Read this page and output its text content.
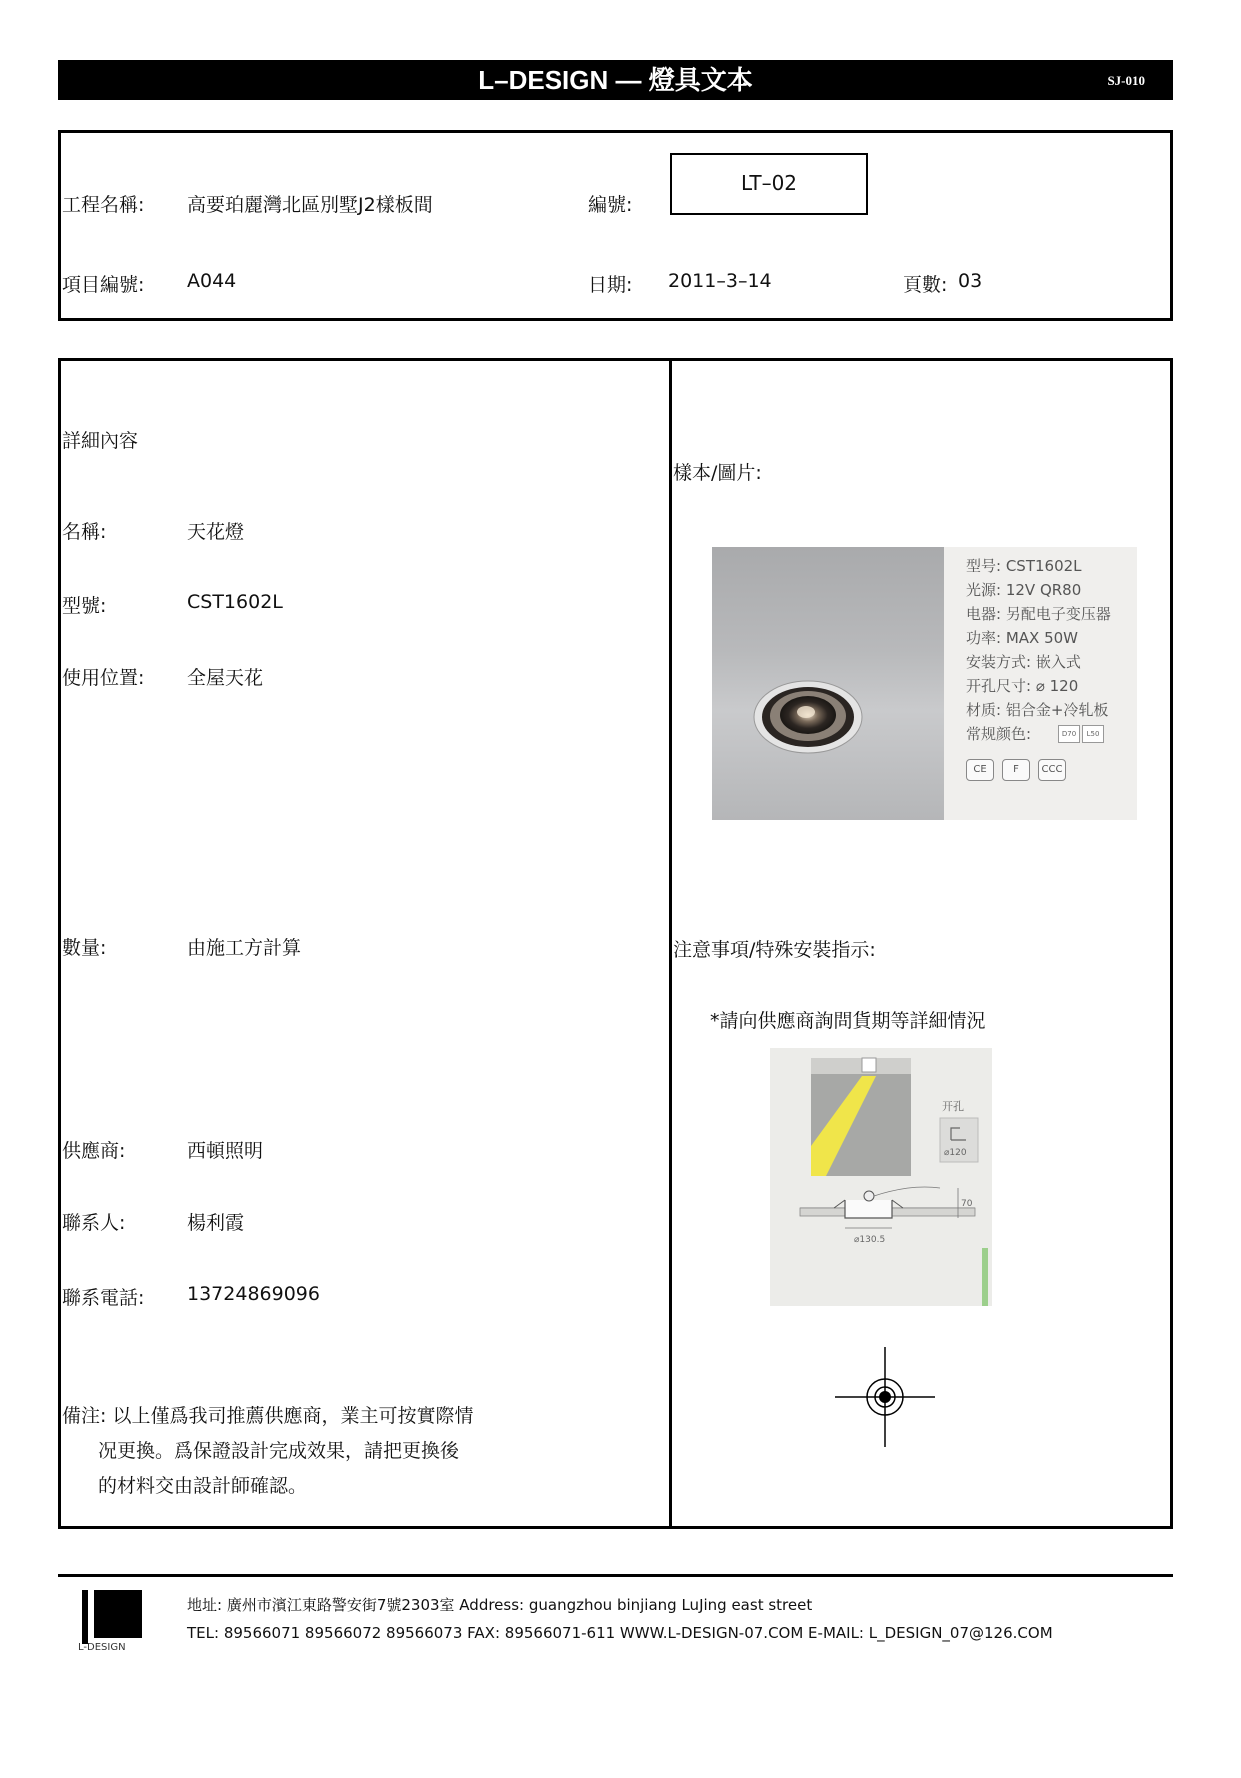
L–DESIGN — 燈具文本	SJ-010
工程名稱: 高要珀麗灣北區別墅J2樣板間	編號:
LT–02
項目編號: A044	日期: 2011–3–14	頁數: 03
詳細內容
名稱:	天花燈
型號:	CST1602L
使用位置: 全屋天花
數量:	由施工方計算
供應商:	西頓照明
聯系人:	楊利霞
聯系電話: 13724869096
備注: 以上僅爲我司推薦供應商，業主可按實際情
况更換。爲保證設計完成效果，請把更換後
的材料交由設計師確認。
樣本/圖片:
型号: CST1602L
光源: 12V QR80
电器: 另配电子变压器
功率: MAX 50W
安装方式: 嵌入式
开孔尺寸: ⌀ 120
材质: 铝合金+冷轧板
常规颜色:	D70	L50
CE	F	CCC
注意事項/特殊安裝指示:
*請向供應商詢問貨期等詳細情況
开孔
⌀120
70
⌀130.5
L-DESIGN
地址: 廣州市濱江東路警安街7號2303室 Address: guangzhou binjiang LuJing east street
TEL: 89566071 89566072 89566073 FAX: 89566071-611 WWW.L-DESIGN-07.COM E-MAIL: L_DESIGN_07@126.COM
